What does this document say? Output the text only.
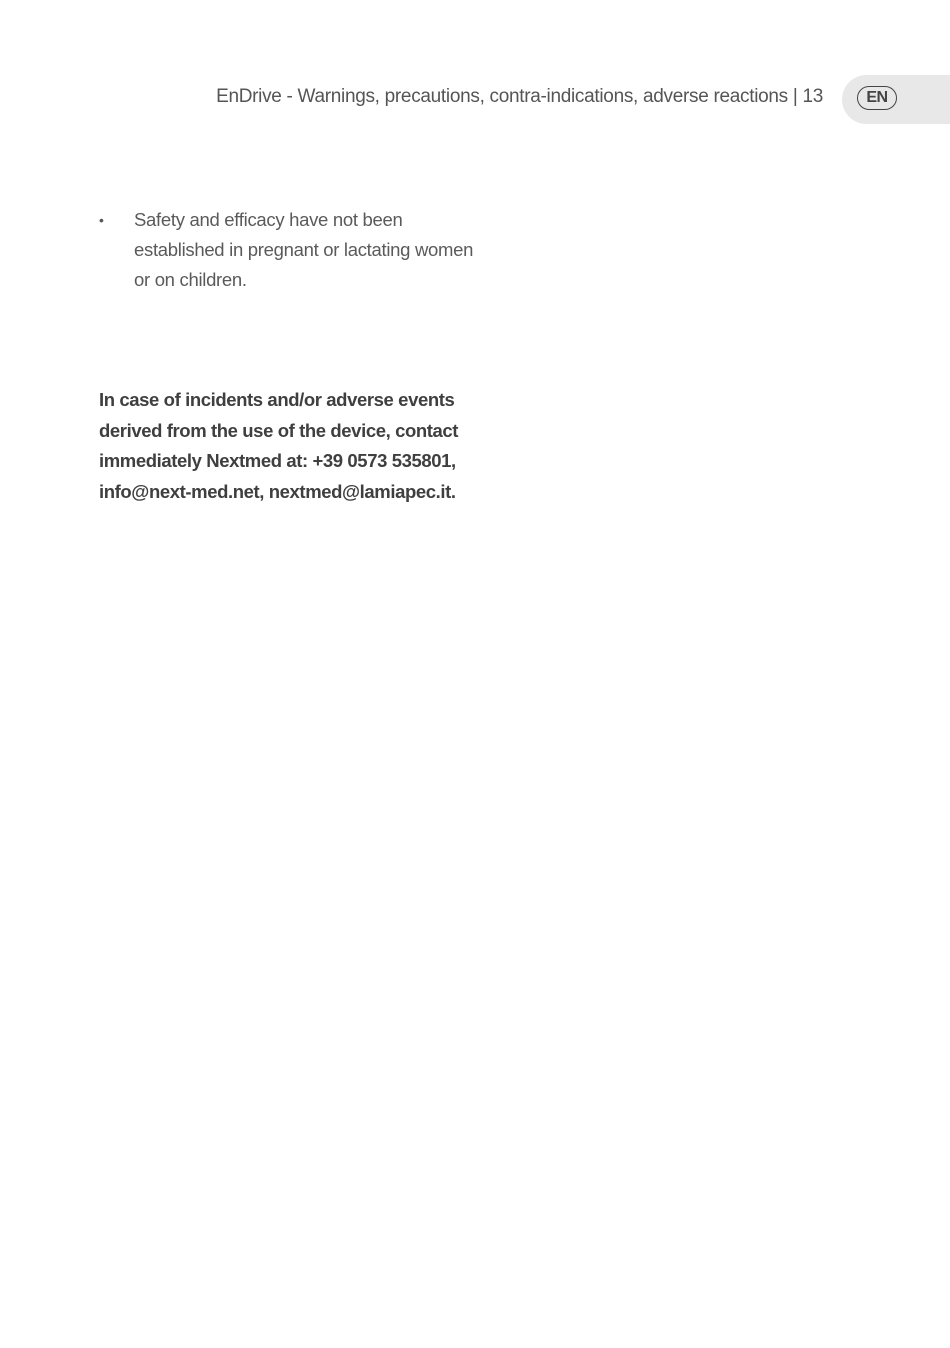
EnDrive - Warnings, precautions, contra-indications, adverse reactions | 13	EN
•	Safety and efficacy have not been established in pregnant or lactating women or on children.

In case of incidents and/or adverse events derived from the use of the device, contact immediately Nextmed at: +39 0573 535801, info@next-med.net, nextmed@lamiapec.it.
